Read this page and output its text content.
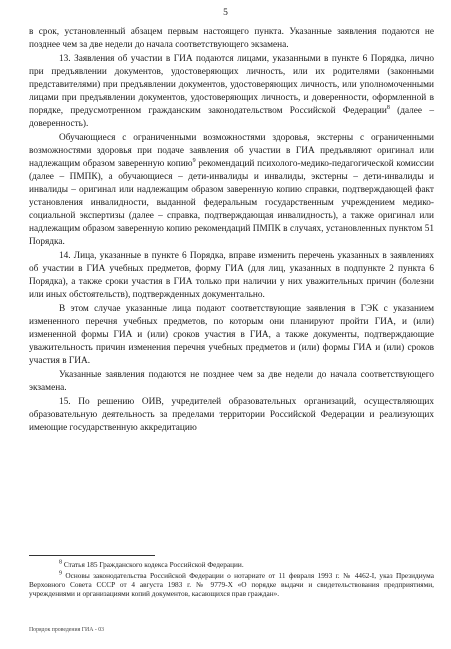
5

в срок, установленный абзацем первым настоящего пункта. Указанные заявления подаются не позднее чем за две недели до начала соответствующего экзамена.

13. Заявления об участии в ГИА подаются лицами, указанными в пункте 6 Порядка, лично при предъявлении документов, удостоверяющих личность, или их родителями (законными представителями) при предъявлении документов, удостоверяющих личность, или уполномоченными лицами при предъявлении документов, удостоверяющих личность, и доверенности, оформленной в порядке, предусмотренном гражданским законодательством Российской Федерации$^8$ (далее – доверенность).

Обучающиеся с ограниченными возможностями здоровья, экстерны с ограниченными возможностями здоровья при подаче заявления об участии в ГИА предъявляют оригинал или надлежащим образом заверенную копию$^9$ рекомендаций психолого-медико-педагогической комиссии (далее – ПМПК), а обучающиеся – дети-инвалиды и инвалиды, экстерны – дети-инвалиды и инвалиды – оригинал или надлежащим образом заверенную копию справки, подтверждающей факт установления инвалидности, выданной федеральным государственным учреждением медико-социальной экспертизы (далее – справка, подтверждающая инвалидность), а также оригинал или надлежащим образом заверенную копию рекомендаций ПМПК в случаях, установленных пунктом 51 Порядка.

14. Лица, указанные в пункте 6 Порядка, вправе изменить перечень указанных в заявлениях об участии в ГИА учебных предметов, форму ГИА (для лиц, указанных в подпункте 2 пункта 6 Порядка), а также сроки участия в ГИА только при наличии у них уважительных причин (болезни или иных обстоятельств), подтвержденных документально.

В этом случае указанные лица подают соответствующие заявления в ГЭК с указанием измененного перечня учебных предметов, по которым они планируют пройти ГИА, и (или) измененной формы ГИА и (или) сроков участия в ГИА, а также документы, подтверждающие уважительность причин изменения перечня учебных предметов и (или) формы ГИА и (или) сроков участия в ГИА.

Указанные заявления подаются не позднее чем за две недели до начала соответствующего экзамена.

15. По решению ОИВ, учредителей образовательных организаций, осуществляющих образовательную деятельность за пределами территории Российской Федерации и реализующих имеющие государственную аккредитацию

$^8$ Статья 185 Гражданского кодекса Российской Федерации.

$^9$ Основы законодательства Российской Федерации о нотариате от 11 февраля 1993 г. № 4462-I, указ Президиума Верховного Совета СССР от 4 августа 1983 г. № 9779-X «О порядке выдачи и свидетельствования предприятиями, учреждениями и организациями копий документов, касающихся прав граждан».

Порядок проведения ГИА - 03
